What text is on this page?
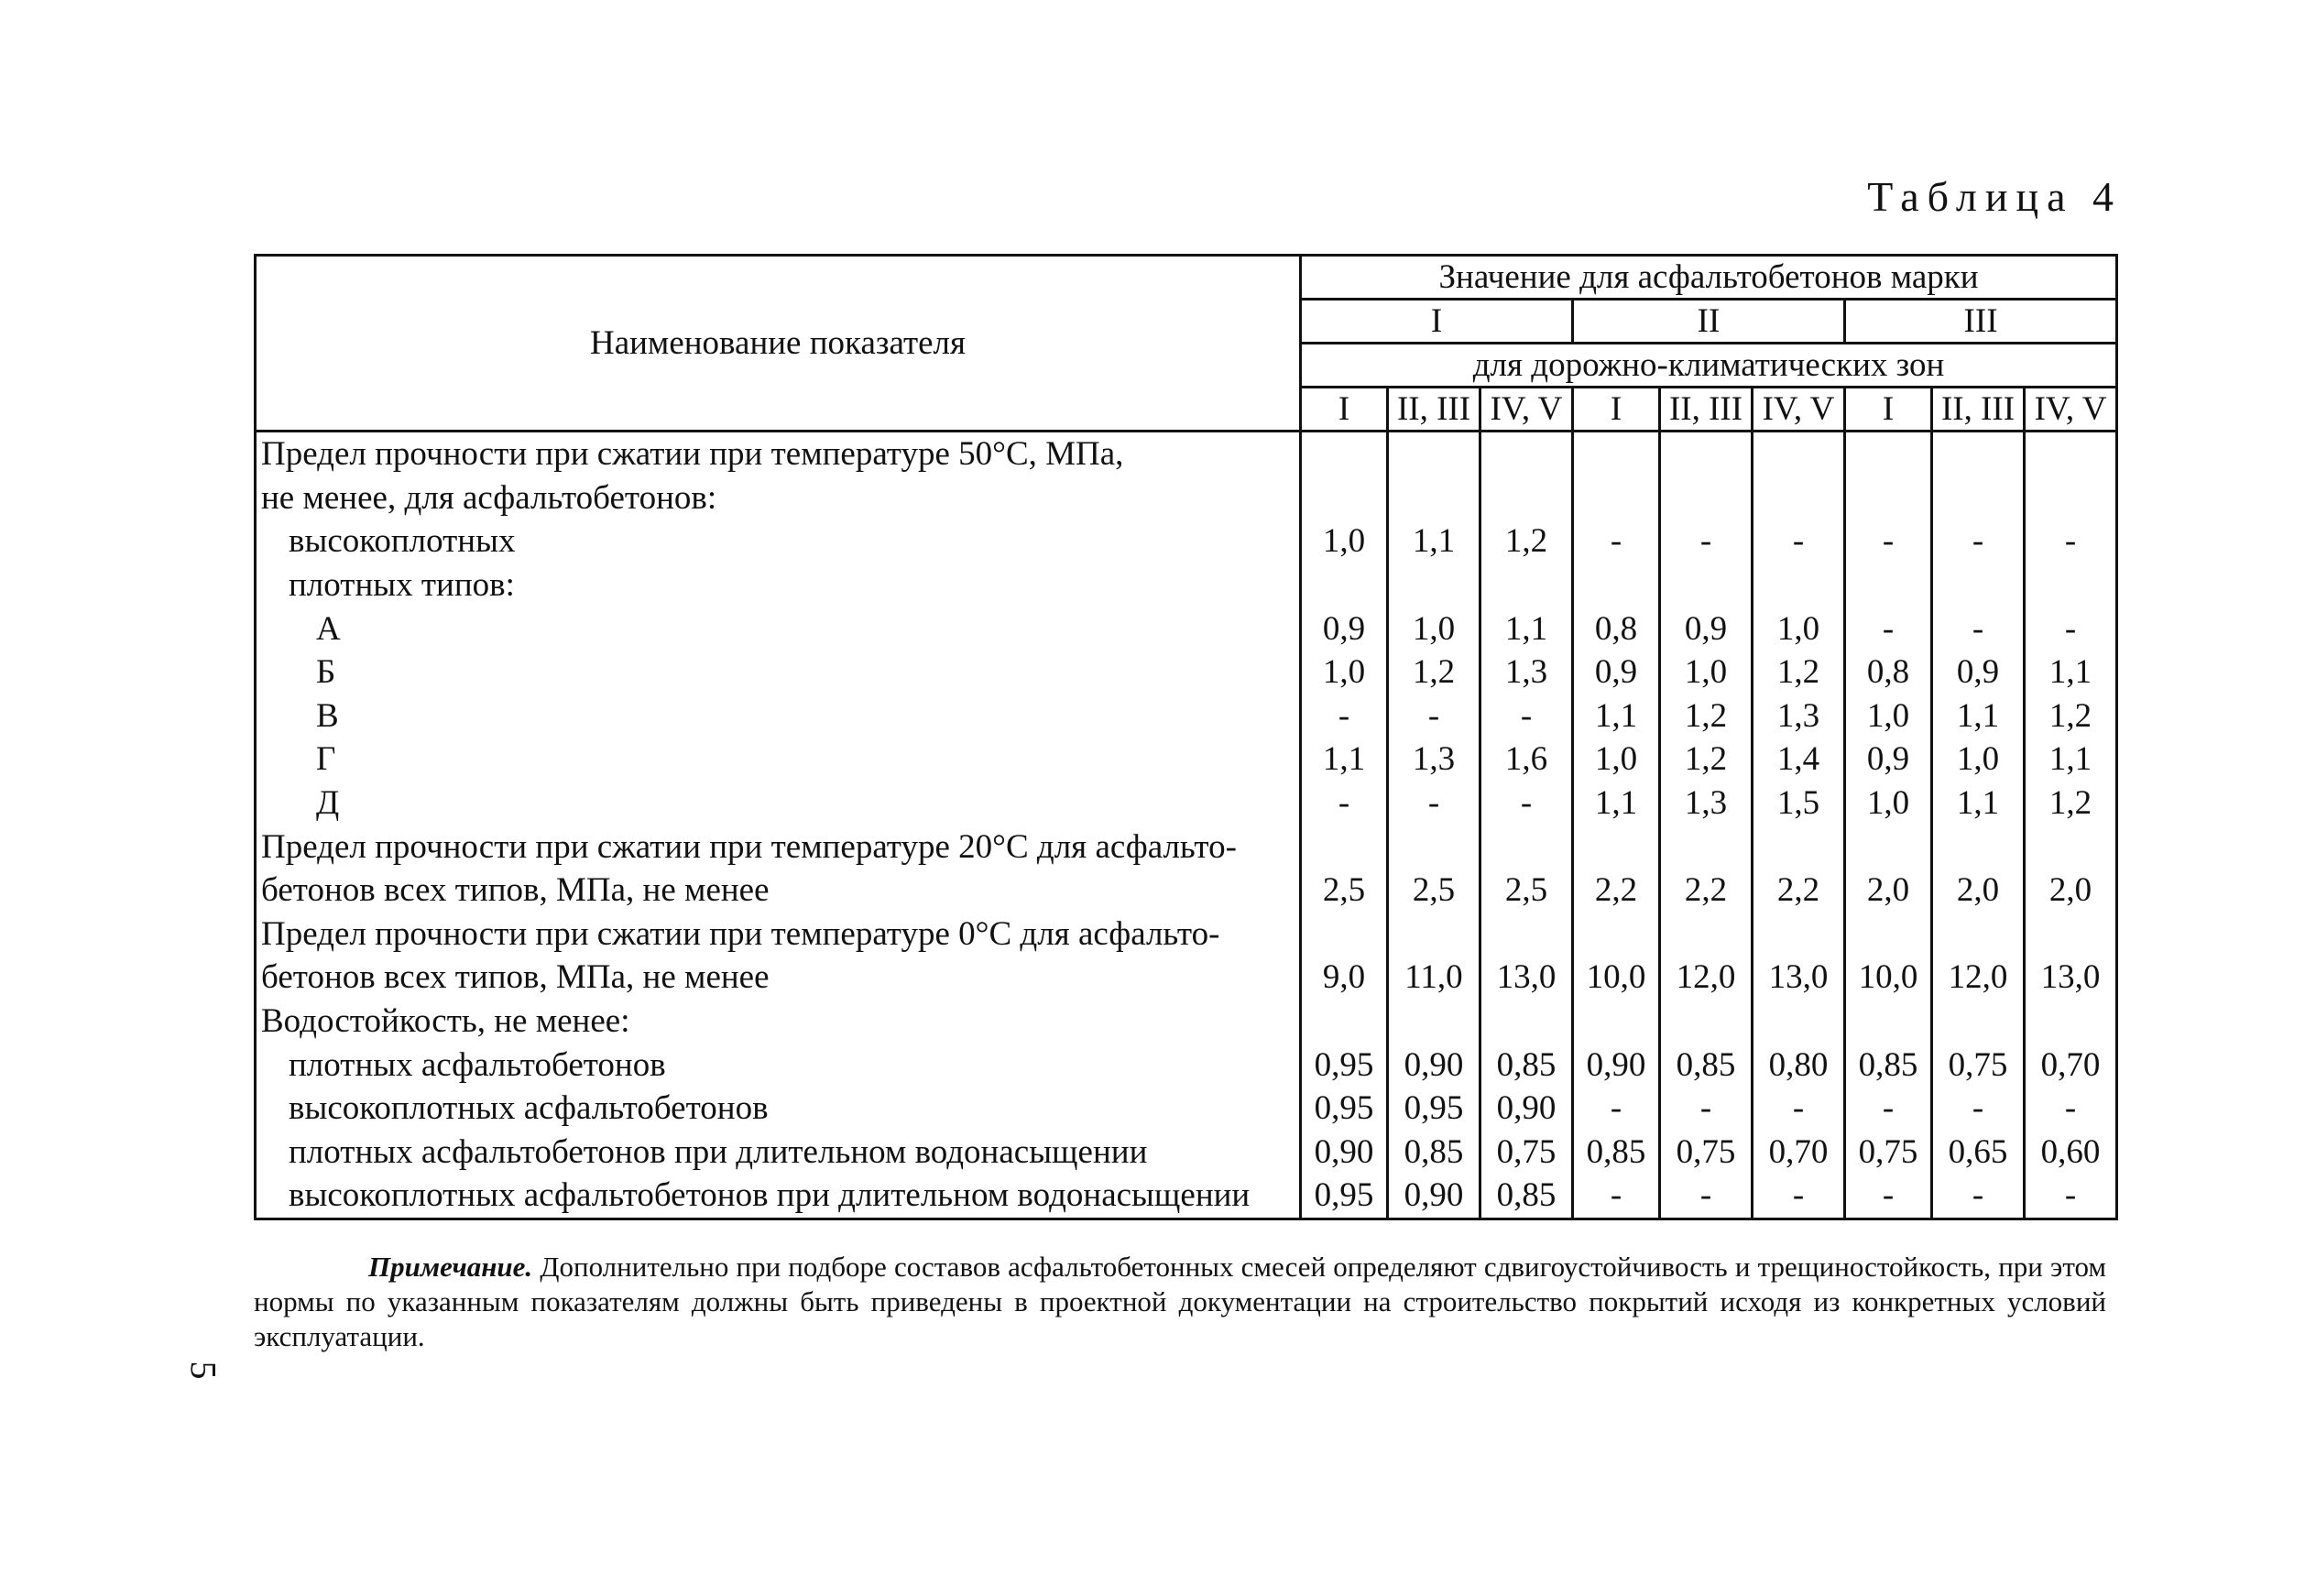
Таблица 4
Наименование показателя	Значение для асфальтобетонов марки								
	I			II			III		
	для дорожно-климатических зон								
	I	II, III	IV, V	I	II, III	IV, V	I	II, III	IV, V
Предел прочности при сжатии при температуре 50°С, МПа,									
не менее, для асфальтобетонов:									
высокоплотных	1,0	1,1	1,2	-	-	-	-	-	-
плотных типов:									
А	0,9	1,0	1,1	0,8	0,9	1,0	-	-	-
Б	1,0	1,2	1,3	0,9	1,0	1,2	0,8	0,9	1,1
В	-	-	-	1,1	1,2	1,3	1,0	1,1	1,2
Г	1,1	1,3	1,6	1,0	1,2	1,4	0,9	1,0	1,1
Д	-	-	-	1,1	1,3	1,5	1,0	1,1	1,2
Предел прочности при сжатии при температуре 20°С для асфальто-									
бетонов всех типов, МПа, не менее	2,5	2,5	2,5	2,2	2,2	2,2	2,0	2,0	2,0
Предел прочности при сжатии при температуре 0°С для асфальто-									
бетонов всех типов, МПа, не менее	9,0	11,0	13,0	10,0	12,0	13,0	10,0	12,0	13,0
Водостойкость, не менее:									
плотных асфальтобетонов	0,95	0,90	0,85	0,90	0,85	0,80	0,85	0,75	0,70
высокоплотных асфальтобетонов	0,95	0,95	0,90	-	-	-	-	-	-
плотных асфальтобетонов при длительном водонасыщении	0,90	0,85	0,75	0,85	0,75	0,70	0,75	0,65	0,60
высокоплотных асфальтобетонов при длительном водонасыщении	0,95	0,90	0,85	-	-	-	-	-	-
Примечание. Дополнительно при подборе составов асфальтобетонных смесей определяют сдвигоустойчивость и трещиностойкость, при этом нормы по указанным показателям должны быть приведены в проектной документации на строительство покрытий исходя из конкретных условий эксплуатации.
5
